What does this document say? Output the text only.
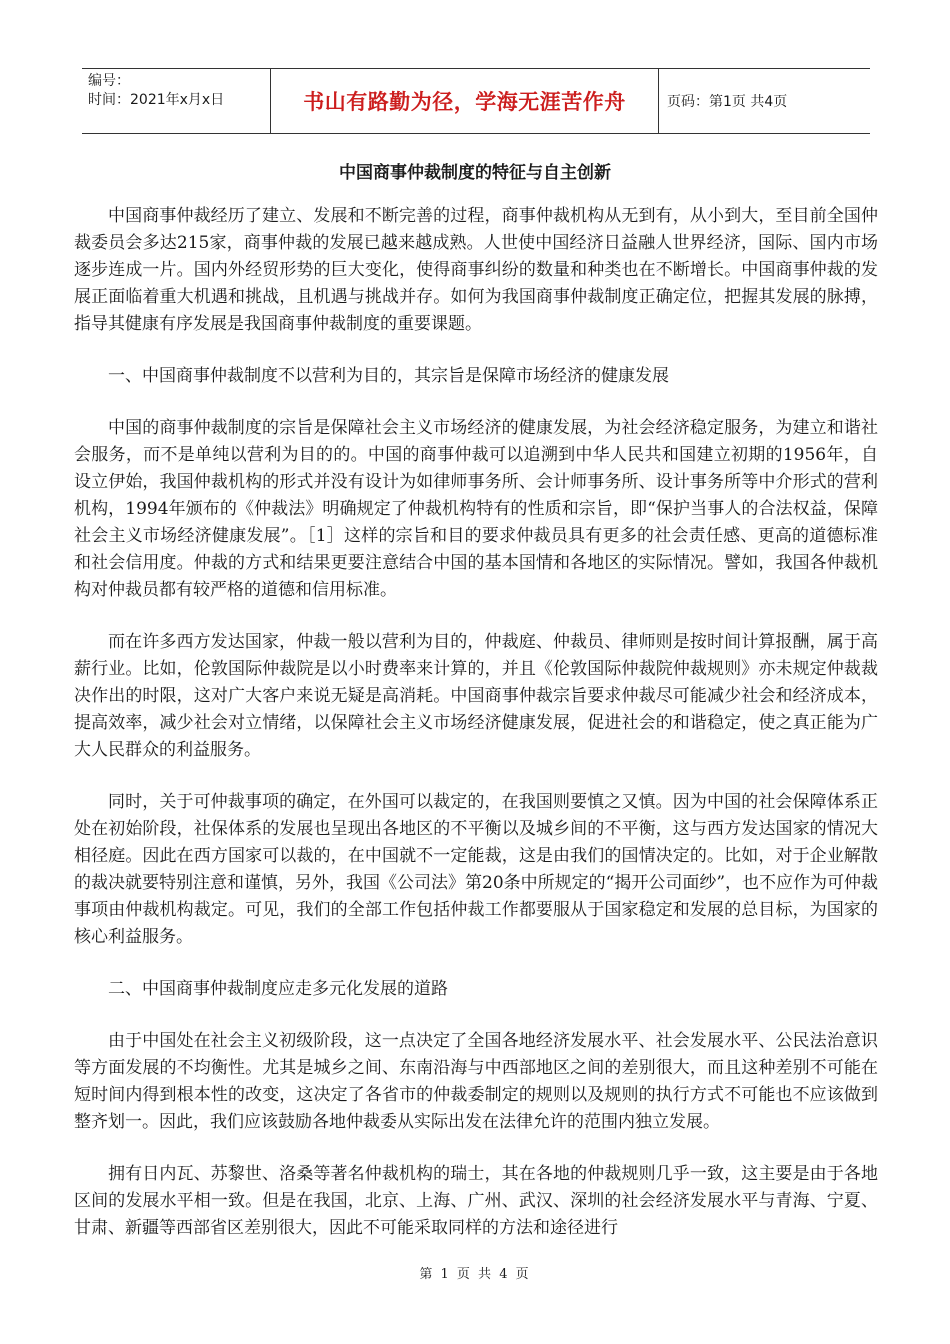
编号：
时间：2021年x月x日	书山有路勤为径，学海无涯苦作舟	页码：第1页 共4页
中国商事仲裁制度的特征与自主创新

中国商事仲裁经历了建立、发展和不断完善的过程，商事仲裁机构从无到有，从小到大，至目前全国仲裁委员会多达215家，商事仲裁的发展已越来越成熟。人世使中国经济日益融人世界经济，国际、国内市场逐步连成一片。国内外经贸形势的巨大变化，使得商事纠纷的数量和种类也在不断增长。中国商事仲裁的发展正面临着重大机遇和挑战，且机遇与挑战并存。如何为我国商事仲裁制度正确定位，把握其发展的脉搏，指导其健康有序发展是我国商事仲裁制度的重要课题。

一、中国商事仲裁制度不以营利为目的，其宗旨是保障市场经济的健康发展

中国的商事仲裁制度的宗旨是保障社会主义市场经济的健康发展，为社会经济稳定服务，为建立和谐社会服务，而不是单纯以营利为目的的。中国的商事仲裁可以追溯到中华人民共和国建立初期的1956年，自设立伊始，我国仲裁机构的形式并没有设计为如律师事务所、会计师事务所、设计事务所等中介形式的营利机构，1994年颁布的《仲裁法》明确规定了仲裁机构特有的性质和宗旨，即“保护当事人的合法权益，保障社会主义市场经济健康发展”。［1］这样的宗旨和目的要求仲裁员具有更多的社会责任感、更高的道德标准和社会信用度。仲裁的方式和结果更要注意结合中国的基本国情和各地区的实际情况。譬如，我国各仲裁机构对仲裁员都有较严格的道德和信用标准。

而在许多西方发达国家，仲裁一般以营利为目的，仲裁庭、仲裁员、律师则是按时间计算报酬，属于高薪行业。比如，伦敦国际仲裁院是以小时费率来计算的，并且《伦敦国际仲裁院仲裁规则》亦未规定仲裁裁决作出的时限，这对广大客户来说无疑是高消耗。中国商事仲裁宗旨要求仲裁尽可能减少社会和经济成本，提高效率，减少社会对立情绪，以保障社会主义市场经济健康发展，促进社会的和谐稳定，使之真正能为广大人民群众的利益服务。

同时，关于可仲裁事项的确定，在外国可以裁定的，在我国则要慎之又慎。因为中国的社会保障体系正处在初始阶段，社保体系的发展也呈现出各地区的不平衡以及城乡间的不平衡，这与西方发达国家的情况大相径庭。因此在西方国家可以裁的，在中国就不一定能裁，这是由我们的国情决定的。比如，对于企业解散的裁决就要特别注意和谨慎，另外，我国《公司法》第20条中所规定的“揭开公司面纱”，也不应作为可仲裁事项由仲裁机构裁定。可见，我们的全部工作包括仲裁工作都要服从于国家稳定和发展的总目标，为国家的核心利益服务。

二、中国商事仲裁制度应走多元化发展的道路

由于中国处在社会主义初级阶段，这一点决定了全国各地经济发展水平、社会发展水平、公民法治意识等方面发展的不均衡性。尤其是城乡之间、东南沿海与中西部地区之间的差别很大，而且这种差别不可能在短时间内得到根本性的改变，这决定了各省市的仲裁委制定的规则以及规则的执行方式不可能也不应该做到整齐划一。因此，我们应该鼓励各地仲裁委从实际出发在法律允许的范围内独立发展。

拥有日内瓦、苏黎世、洛桑等著名仲裁机构的瑞士，其在各地的仲裁规则几乎一致，这主要是由于各地区间的发展水平相一致。但是在我国，北京、上海、广州、武汉、深圳的社会经济发展水平与青海、宁夏、甘肃、新疆等西部省区差别很大，因此不可能采取同样的方法和途径进行

第 1 页 共 4 页
